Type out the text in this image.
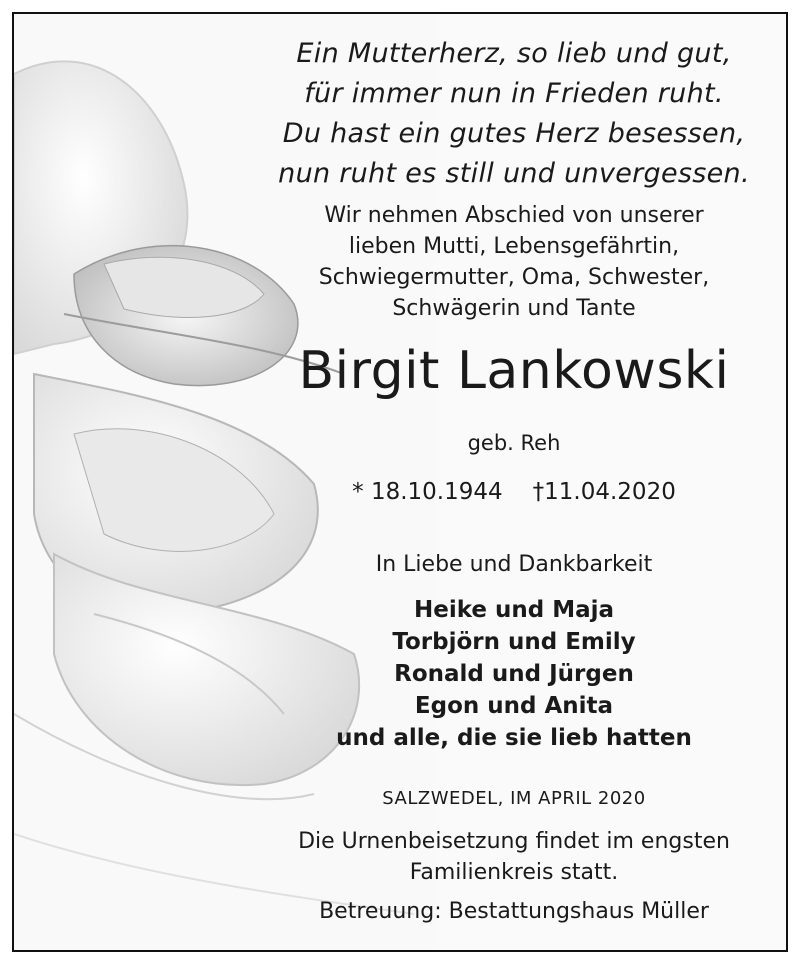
Ein Mutterherz, so lieb und gut,
für immer nun in Frieden ruht.
Du hast ein gutes Herz besessen,
nun ruht es still und unvergessen.
Wir nehmen Abschied von unserer
lieben Mutti, Lebensgefährtin,
Schwiegermutter, Oma, Schwester,
Schwägerin und Tante
Birgit Lankowski
geb. Reh
* 18.10.1944 †11.04.2020
In Liebe und Dankbarkeit
Heike und Maja
Torbjörn und Emily
Ronald und Jürgen
Egon und Anita
und alle, die sie lieb hatten
SALZWEDEL, IM APRIL 2020
Die Urnenbeisetzung findet im engsten
Familienkreis statt.
Betreuung: Bestattungshaus Müller
